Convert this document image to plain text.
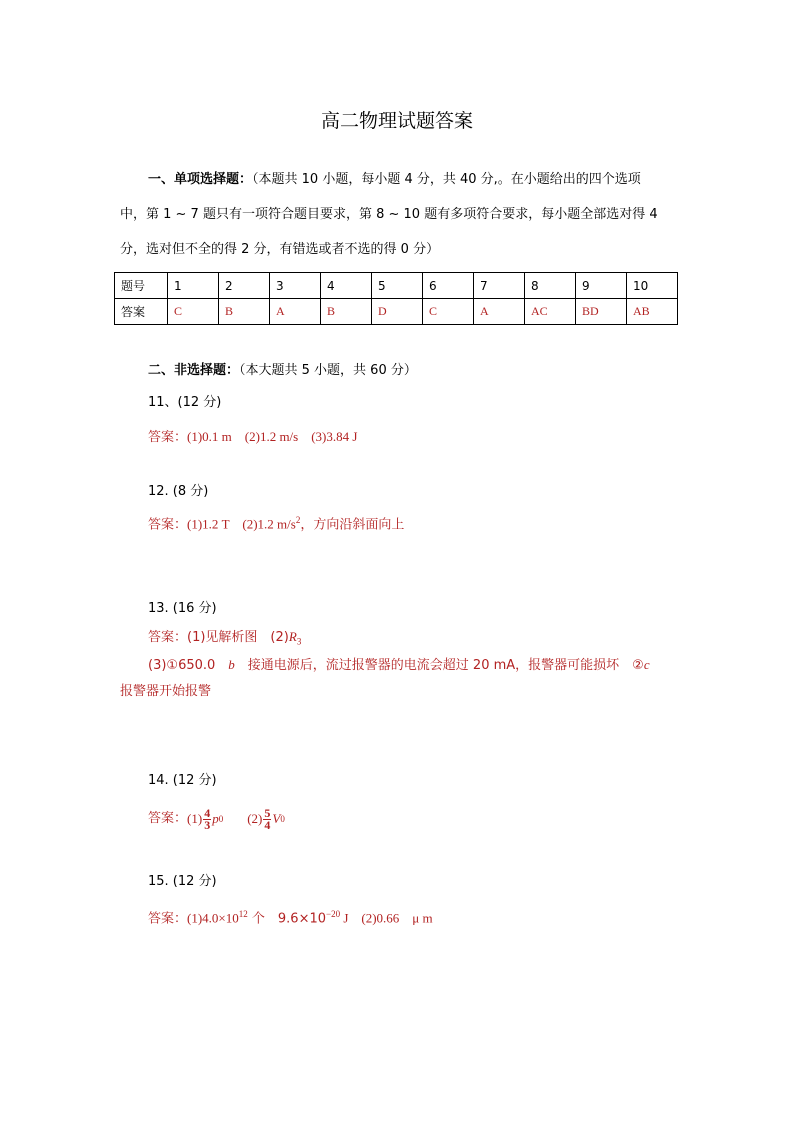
高二物理试题答案
一、单项选择题：（本题共 10 小题，每小题 4 分，共 40 分,。在小题给出的四个选项
中，第 1 ~ 7 题只有一项符合题目要求，第 8 ~ 10 题有多项符合要求，每小题全部选对得 4
分，选对但不全的得 2 分，有错选或者不选的得 0 分）
题号	1	2	3	4	5	6	7	8	9	10
答案	C	B	A	B	D	C	A	AC	BD	AB
二、非选择题：（本大题共 5 小题，共 60 分）
11、(12 分)
答案：(1)0.1 m　(2)1.2 m/s　(3)3.84 J
12. (8 分)
答案：(1)1.2 T　(2)1.2 $m/s^2$，方向沿斜面向上
13. (16 分)
答案：(1)见解析图　$(2)R_3$
(3)①650.0　b　接通电源后，流过报警器的电流会超过 20 mA，报警器可能损坏　②c
报警器开始报警
14. (12 分)
答案： $(1) \frac{4}{3}$ p 0 $(2) \frac{5}{4}$ V 0
15. (12 分)
答案：$(1)4.0\times 10^{12}$ 个　$9.6\times 10^{-20}$ J　(2)0.66　μ m
